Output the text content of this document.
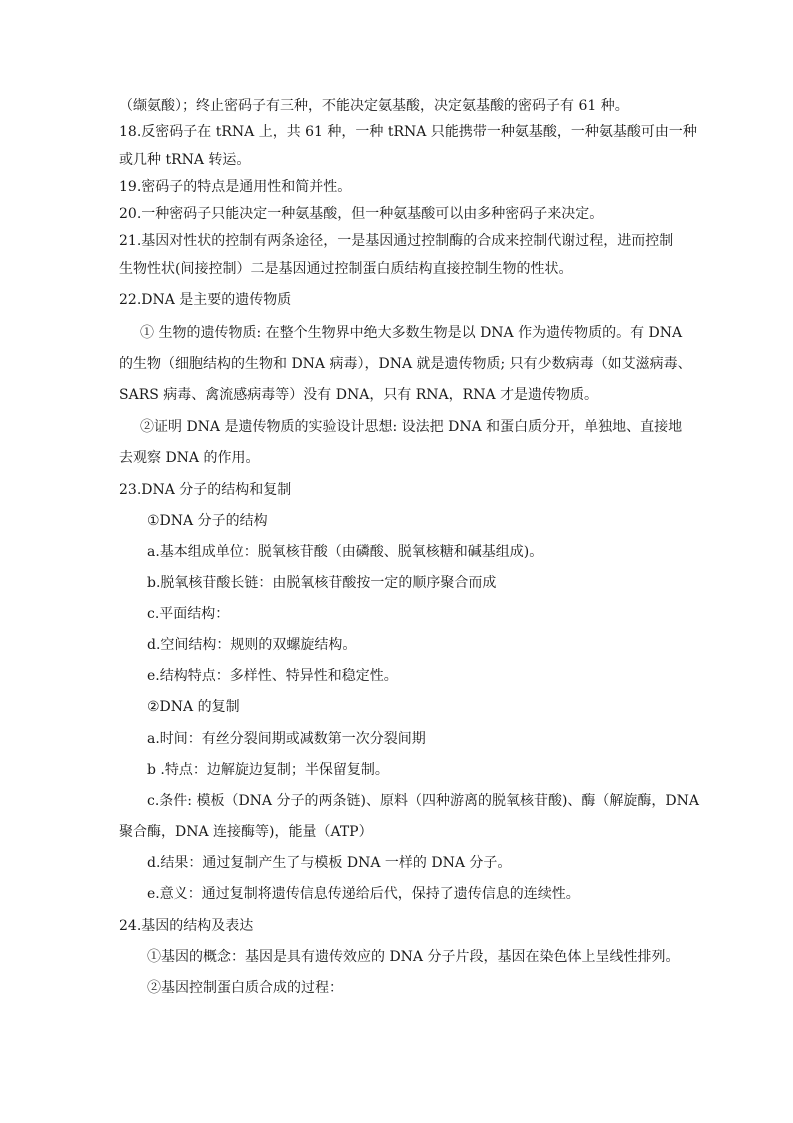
（缬氨酸）；终止密码子有三种，不能决定氨基酸，决定氨基酸的密码子有 61 种。
18.反密码子在 tRNA 上，共 61 种，一种 tRNA 只能携带一种氨基酸，一种氨基酸可由一种
或几种 tRNA 转运。
19.密码子的特点是通用性和简并性。
20.一种密码子只能决定一种氨基酸，但一种氨基酸可以由多种密码子来决定。
21.基因对性状的控制有两条途径，一是基因通过控制酶的合成来控制代谢过程，进而控制
生物性状(间接控制）二是基因通过控制蛋白质结构直接控制生物的性状。
22.DNA 是主要的遗传物质
① 生物的遗传物质: 在整个生物界中绝大多数生物是以 DNA 作为遗传物质的。有 DNA
的生物（细胞结构的生物和 DNA 病毒），DNA 就是遗传物质; 只有少数病毒（如艾滋病毒、
SARS 病毒、禽流感病毒等）没有 DNA，只有 RNA，RNA 才是遗传物质。
②证明 DNA 是遗传物质的实验设计思想: 设法把 DNA 和蛋白质分开，单独地、直接地
去观察 DNA 的作用。
23.DNA 分子的结构和复制
①DNA 分子的结构
a.基本组成单位：脱氧核苷酸（由磷酸、脱氧核糖和碱基组成)。
b.脱氧核苷酸长链：由脱氧核苷酸按一定的顺序聚合而成
c.平面结构：
d.空间结构：规则的双螺旋结构。
e.结构特点：多样性、特异性和稳定性。
②DNA 的复制
a.时间：有丝分裂间期或减数第一次分裂间期
b .特点：边解旋边复制；半保留复制。
c.条件: 模板（DNA 分子的两条链)、原料（四种游离的脱氧核苷酸)、酶（解旋酶，DNA
聚合酶，DNA 连接酶等)，能量（ATP）
d.结果：通过复制产生了与模板 DNA 一样的 DNA 分子。
e.意义：通过复制将遗传信息传递给后代，保持了遗传信息的连续性。
24.基因的结构及表达
①基因的概念：基因是具有遗传效应的 DNA 分子片段，基因在染色体上呈线性排列。
②基因控制蛋白质合成的过程：
